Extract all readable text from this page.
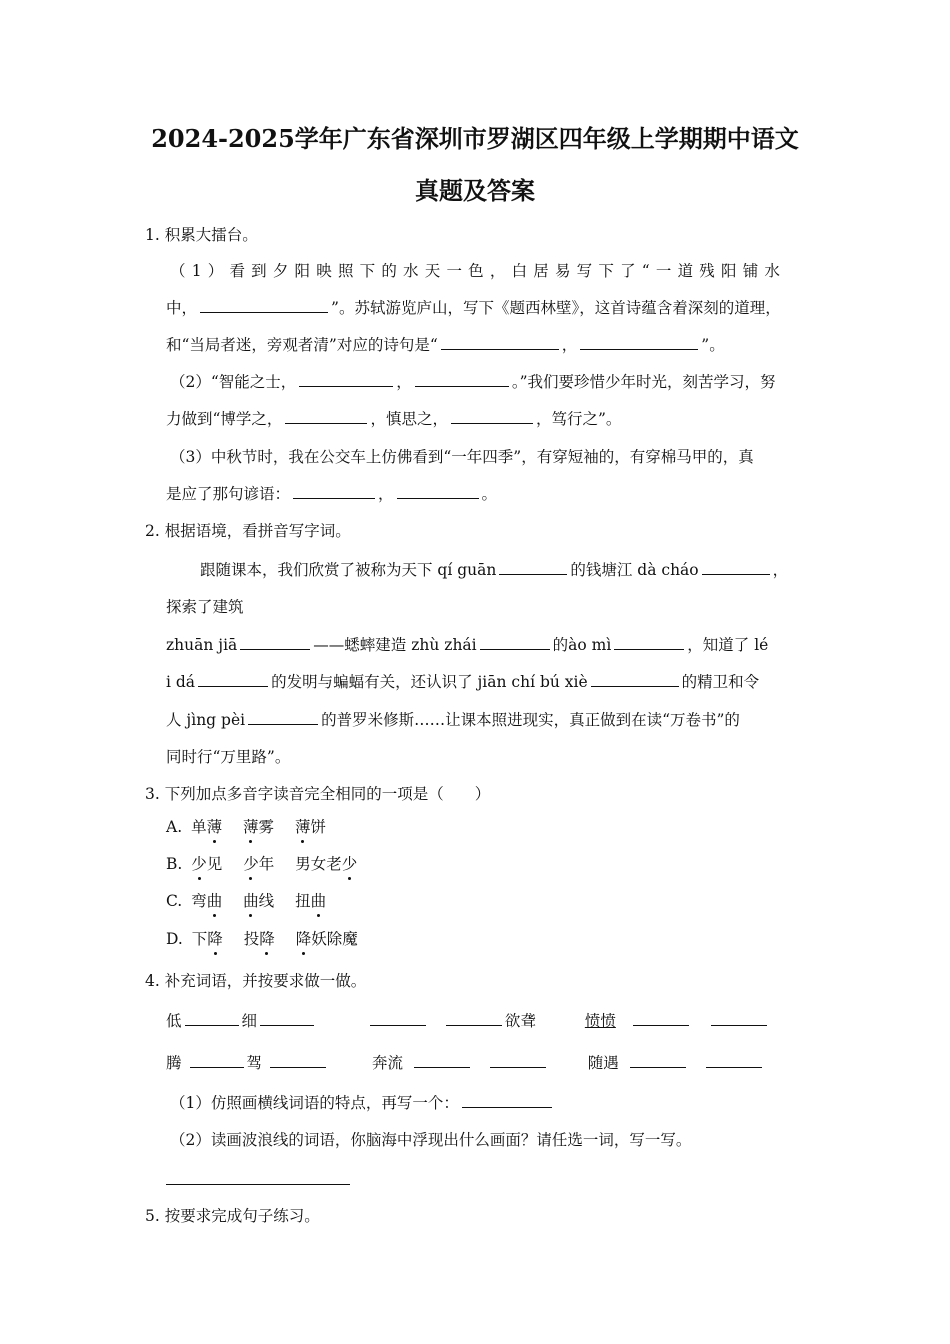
2024-2025学年广东省深圳市罗湖区四年级上学期期中语文
真题及答案
1. 积累大擂台。
（1）看到夕阳映照下的水天一色，白居易写下了“一道残阳铺水
中，	”。苏轼游览庐山，写下《题西林壁》，这首诗蕴含着深刻的道理，
和“当局者迷，旁观者清”对应的诗句是“	，	”。
（2）“智能之士，	，	。”我们要珍惜少年时光，刻苦学习，努
力做到“博学之，	，慎思之，	，笃行之”。
（3）中秋节时，我在公交车上仿佛看到“一年四季”，有穿短袖的，有穿棉马甲的，真
是应了那句谚语：	，	。
2. 根据语境，看拼音写字词。
跟随课本，我们欣赏了被称为天下 qí guān	的钱塘江 dà cháo	，
探索了建筑
zhuān jiā	——蟋蟀建造 zhù zhái	的ào mì	，知道了 lé
i dá	的发明与蝙蝠有关，还认识了 jiān chí bú xiè	的精卫和令
人 jìng pèi	的普罗米修斯……让课本照进现实，真正做到在读“万卷书”的
同时行“万里路”。
3. 下列加点多音字读音完全相同的一项是（　　）
A. 单薄 薄雾 薄饼
B. 少见 少年 男女老少
C. 弯曲 曲线 扭曲
D. 下降 投降 降妖除魔
4. 补充词语，并按要求做一做。
低	细	欲聋	愤愤
腾	驾	奔流	随遇
（1）仿照画横线词语的特点，再写一个：
（2）读画波浪线的词语，你脑海中浮现出什么画面？请任选一词，写一写。
5. 按要求完成句子练习。
